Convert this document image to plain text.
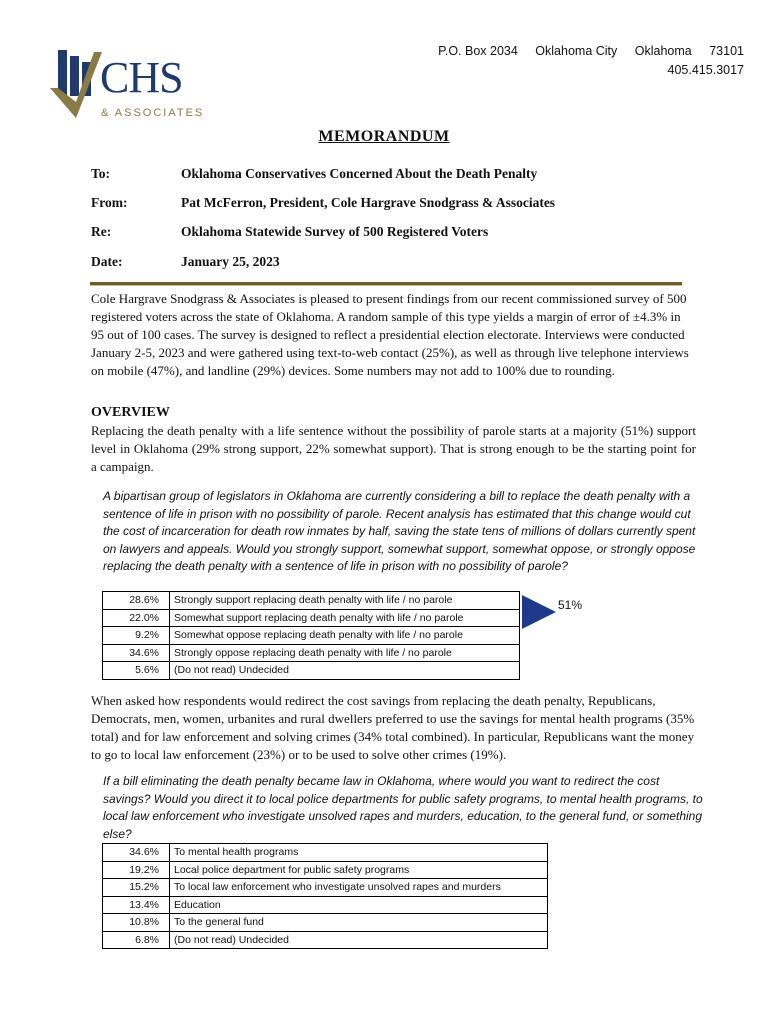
CHS
& ASSOCIATES
P.O. Box 2034 Oklahoma City Oklahoma 73101
405.415.3017
MEMORANDUM
To:	Oklahoma Conservatives Concerned About the Death Penalty
From:	Pat McFerron, President, Cole Hargrave Snodgrass & Associates
Re:	Oklahoma Statewide Survey of 500 Registered Voters
Date:	January 25, 2023
Cole Hargrave Snodgrass & Associates is pleased to present findings from our recent commissioned survey of 500 registered voters across the state of Oklahoma. A random sample of this type yields a margin of error of ±4.3% in 95 out of 100 cases. The survey is designed to reflect a presidential election electorate. Interviews were conducted January 2-5, 2023 and were gathered using text-to-web contact (25%), as well as through live telephone interviews on mobile (47%), and landline (29%) devices. Some numbers may not add to 100% due to rounding.
OVERVIEW
Replacing the death penalty with a life sentence without the possibility of parole starts at a majority (51%) support level in Oklahoma (29% strong support, 22% somewhat support). That is strong enough to be the starting point for a campaign.
A bipartisan group of legislators in Oklahoma are currently considering a bill to replace the death penalty with a sentence of life in prison with no possibility of parole. Recent analysis has estimated that this change would cut the cost of incarceration for death row inmates by half, saving the state tens of millions of dollars currently spent on lawyers and appeals. Would you strongly support, somewhat support, somewhat oppose, or strongly oppose replacing the death penalty with a sentence of life in prison with no possibility of parole?
28.6%	Strongly support replacing death penalty with life / no parole
22.0%	Somewhat support replacing death penalty with life / no parole
9.2%	Somewhat oppose replacing death penalty with life / no parole
34.6%	Strongly oppose replacing death penalty with life / no parole
5.6%	(Do not read) Undecided
51%
When asked how respondents would redirect the cost savings from replacing the death penalty, Republicans, Democrats, men, women, urbanites and rural dwellers preferred to use the savings for mental health programs (35% total) and for law enforcement and solving crimes (34% total combined). In particular, Republicans want the money to go to local law enforcement (23%) or to be used to solve other crimes (19%).
If a bill eliminating the death penalty became law in Oklahoma, where would you want to redirect the cost savings? Would you direct it to local police departments for public safety programs, to mental health programs, to local law enforcement who investigate unsolved rapes and murders, education, to the general fund, or something else?
34.6%	To mental health programs
19.2%	Local police department for public safety programs
15.2%	To local law enforcement who investigate unsolved rapes and murders
13.4%	Education
10.8%	To the general fund
6.8%	(Do not read) Undecided
